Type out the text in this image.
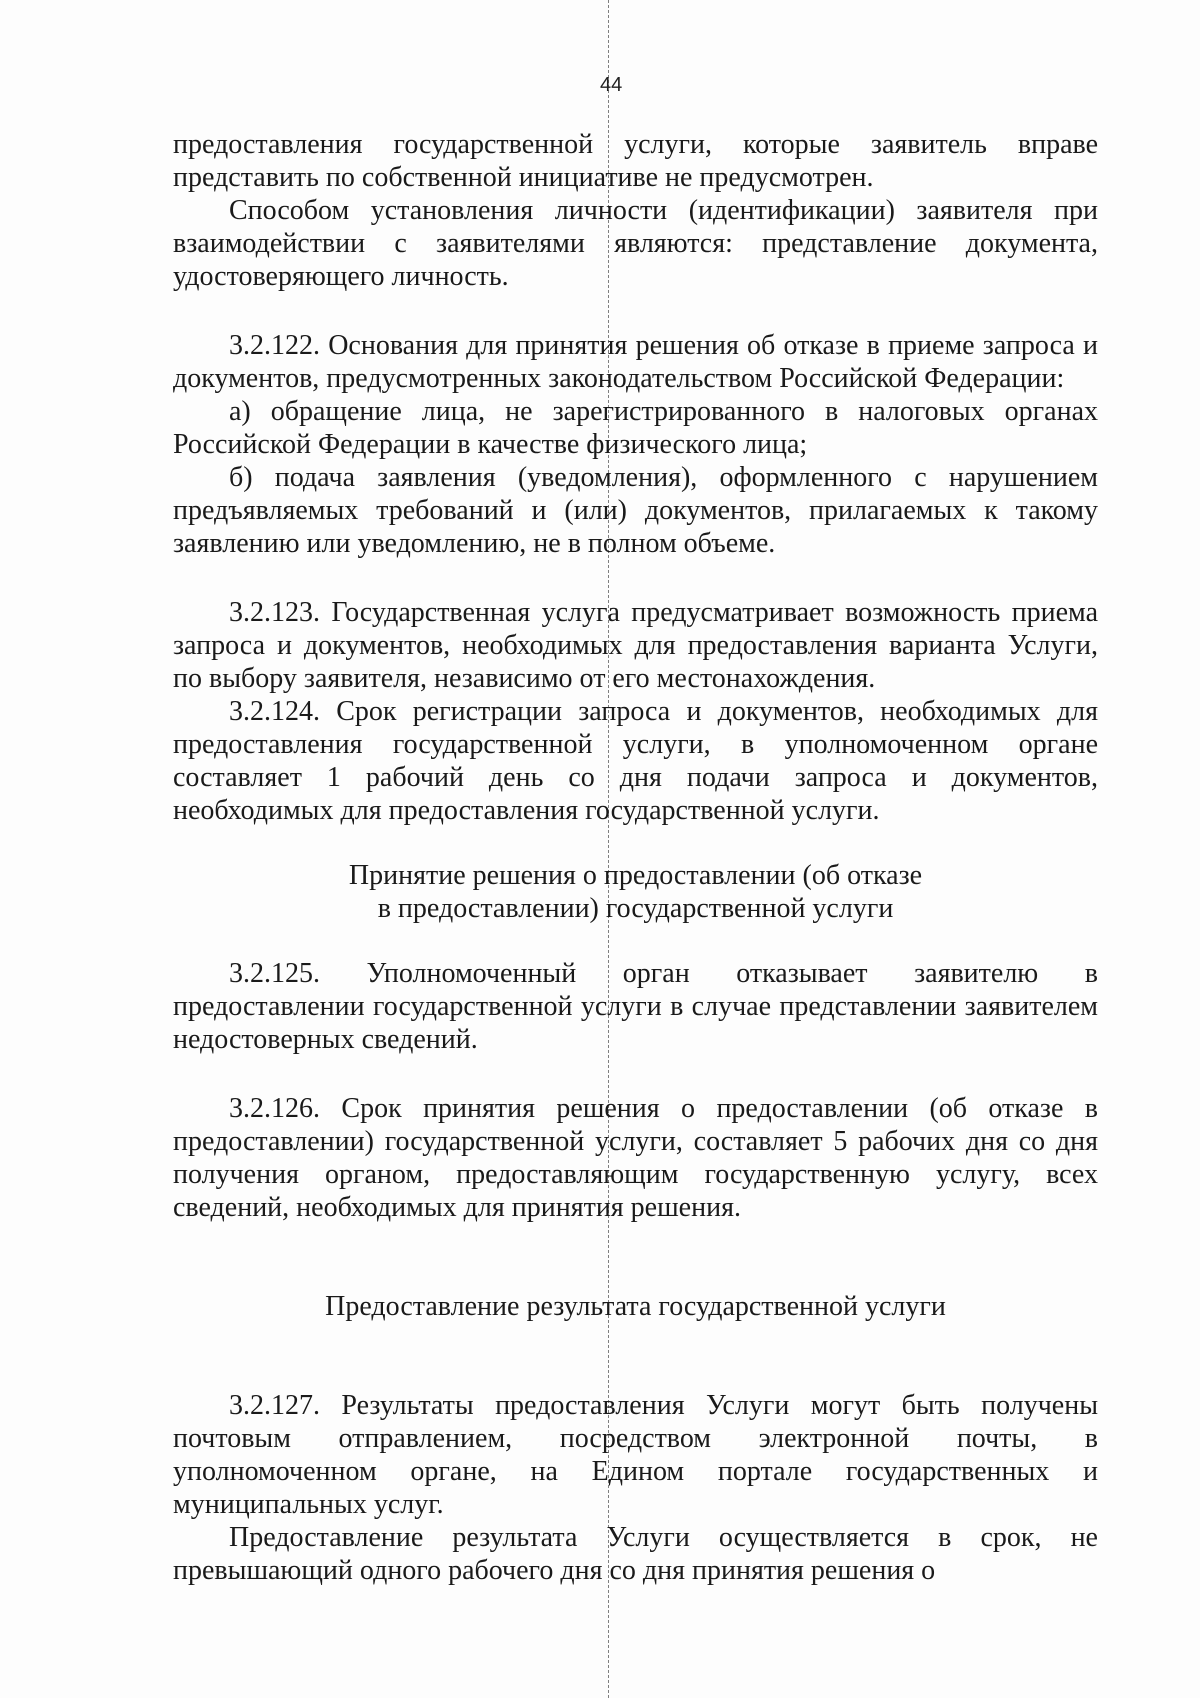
44

предоставления государственной услуги, которые заявитель вправе представить по собственной инициативе не предусмотрен.

Способом установления личности (идентификации) заявителя при взаимодействии с заявителями являются: представление документа, удостоверяющего личность.

3.2.122. Основания для принятия решения об отказе в приеме запроса и документов, предусмотренных законодательством Российской Федерации:

а) обращение лица, не зарегистрированного в налоговых органах Российской Федерации в качестве физического лица;

б) подача заявления (уведомления), оформленного с нарушением предъявляемых требований и (или) документов, прилагаемых к такому заявлению или уведомлению, не в полном объеме.

3.2.123. Государственная услуга предусматривает возможность приема запроса и документов, необходимых для предоставления варианта Услуги, по выбору заявителя, независимо от его местонахождения.

3.2.124. Срок регистрации запроса и документов, необходимых для предоставления государственной услуги, в уполномоченном органе составляет 1 рабочий день со дня подачи запроса и документов, необходимых для предоставления государственной услуги.

Принятие решения о предоставлении (об отказе
в предоставлении) государственной услуги

3.2.125. Уполномоченный орган отказывает заявителю в предоставлении государственной услуги в случае представлении заявителем недостоверных сведений.

3.2.126. Срок принятия решения о предоставлении (об отказе в предоставлении) государственной услуги, составляет 5 рабочих дня со дня получения органом, предоставляющим государственную услугу, всех сведений, необходимых для принятия решения.

Предоставление результата государственной услуги

3.2.127. Результаты предоставления Услуги могут быть получены почтовым отправлением, посредством электронной почты, в уполномоченном органе, на Едином портале государственных и муниципальных услуг.

Предоставление результата Услуги осуществляется в срок, не превышающий одного рабочего дня со дня принятия решения о
